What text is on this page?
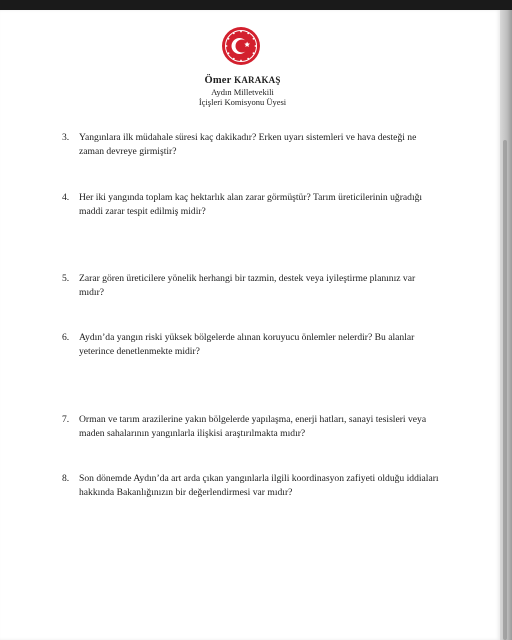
Ömer KARAKAŞ
Aydın Milletvekili
İçişleri Komisyonu Üyesi
3.	Yangınlara ilk müdahale süresi kaç dakikadır? Erken uyarı sistemleri ve hava desteği ne zaman devreye girmiştir?
4.	Her iki yangında toplam kaç hektarlık alan zarar görmüştür? Tarım üreticilerinin uğradığı maddi zarar tespit edilmiş midir?
5.	Zarar gören üreticilere yönelik herhangi bir tazmin, destek veya iyileştirme planınız var mıdır?
6.	Aydın’da yangın riski yüksek bölgelerde alınan koruyucu önlemler nelerdir? Bu alanlar yeterince denetlenmekte midir?
7.	Orman ve tarım arazilerine yakın bölgelerde yapılaşma, enerji hatları, sanayi tesisleri veya maden sahalarının yangınlarla ilişkisi araştırılmakta mıdır?
8.	Son dönemde Aydın’da art arda çıkan yangınlarla ilgili koordinasyon zafiyeti olduğu iddiaları hakkında Bakanlığınızın bir değerlendirmesi var mıdır?
